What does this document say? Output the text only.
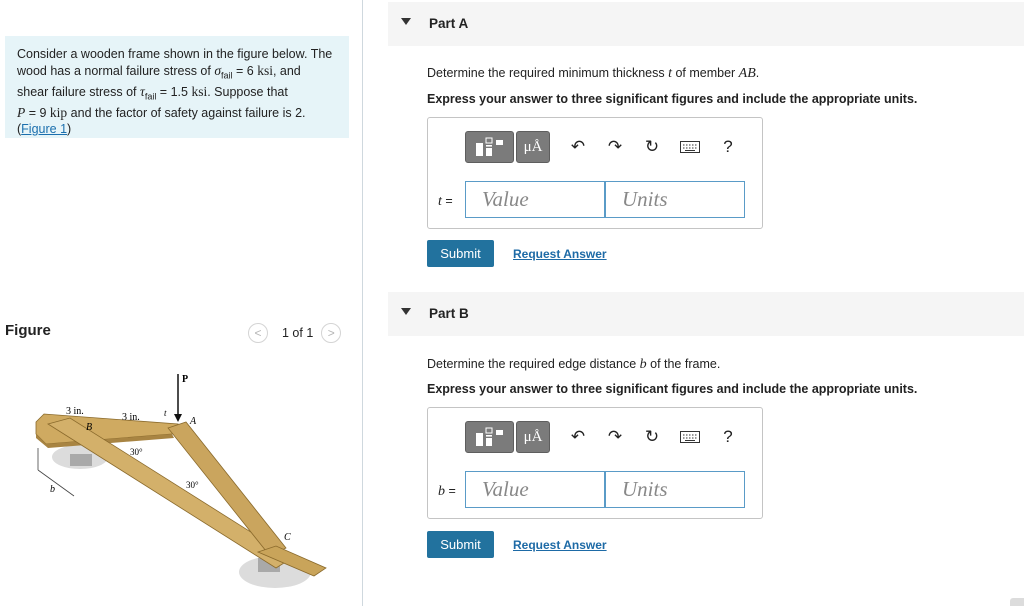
Consider a wooden frame shown in the figure below. The
wood has a normal failure stress of $\sigma_{fail} = 6$ ksi, and
shear failure stress of $\tau_{fail} = 1.5$ ksi. Suppose that
P = 9 kip and the factor of safety against failure is 2.
(Figure 1)
Figure	<	1 of 1	>
P
3 in.
3 in.
B
A
t
30°
30°
C
b
Part A
Determine the required minimum thickness t of member AB.
Express your answer to three significant figures and include the appropriate units.
μÅ	↶ ↷ ↻	?
t =	Value	Units
Submit	Request Answer
Part B
Determine the required edge distance b of the frame.
Express your answer to three significant figures and include the appropriate units.
μÅ	↶ ↷ ↻	?
b =	Value	Units
Submit	Request Answer
